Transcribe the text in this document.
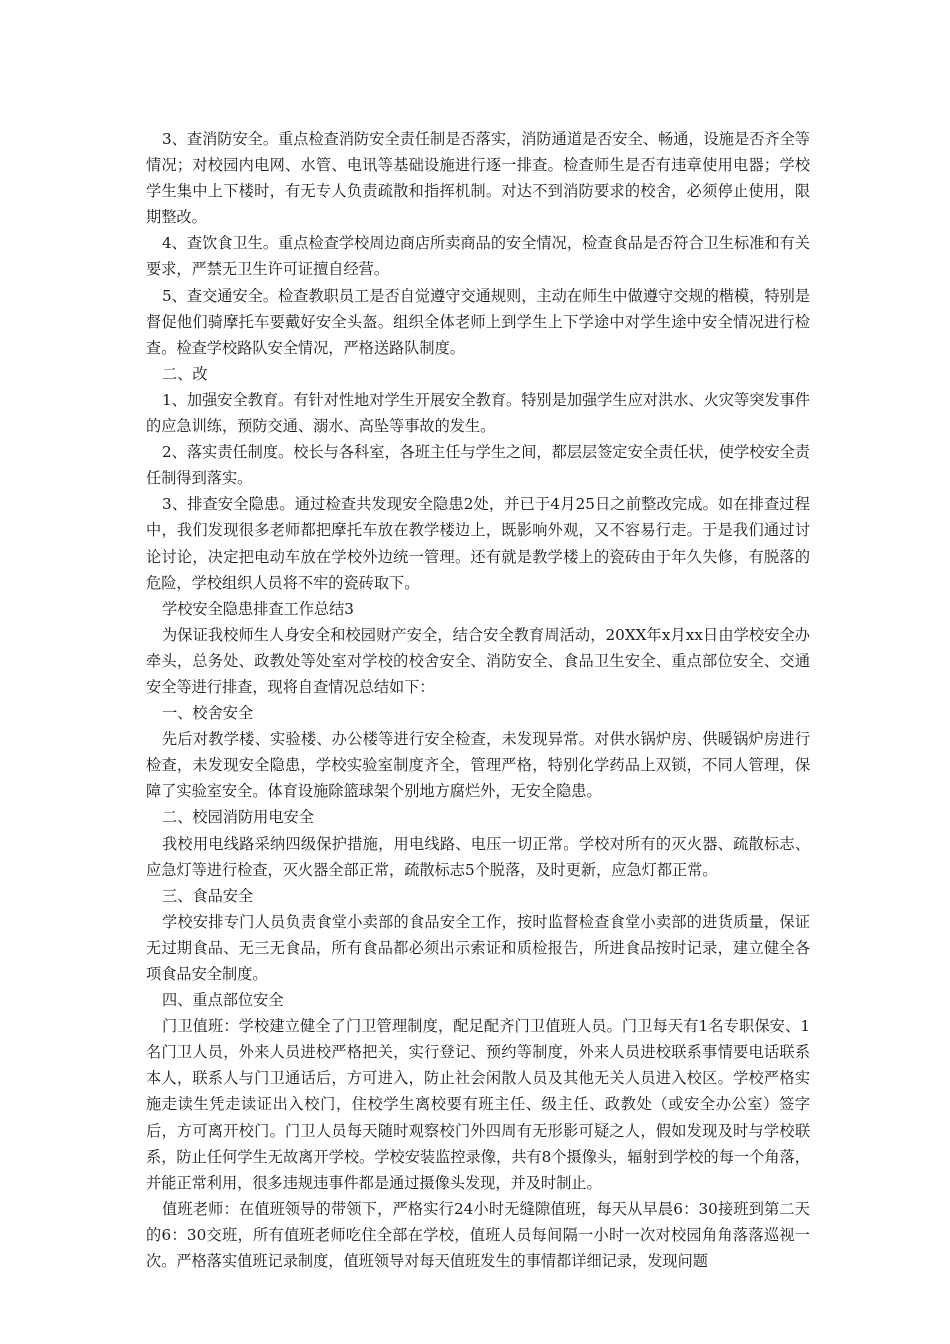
3、查消防安全。重点检查消防安全责任制是否落实，消防通道是否安全、畅通，设施是否齐全等情况；对校园内电网、水管、电讯等基础设施进行逐一排查。检查师生是否有违章使用电器；学校学生集中上下楼时，有无专人负责疏散和指挥机制。对达不到消防要求的校舍，必须停止使用，限期整改。

4、查饮食卫生。重点检查学校周边商店所卖商品的安全情况，检查食品是否符合卫生标准和有关要求，严禁无卫生许可证擅自经营。

5、查交通安全。检查教职员工是否自觉遵守交通规则，主动在师生中做遵守交规的楷模，特别是督促他们骑摩托车要戴好安全头盔。组织全体老师上到学生上下学途中对学生途中安全情况进行检查。检查学校路队安全情况，严格送路队制度。

二、改

1、加强安全教育。有针对性地对学生开展安全教育。特别是加强学生应对洪水、火灾等突发事件的应急训练，预防交通、溺水、高坠等事故的发生。

2、落实责任制度。校长与各科室，各班主任与学生之间，都层层签定安全责任状，使学校安全责任制得到落实。

3、排查安全隐患。通过检查共发现安全隐患2处，并已于4月25日之前整改完成。如在排查过程中，我们发现很多老师都把摩托车放在教学楼边上，既影响外观，又不容易行走。于是我们通过讨论讨论，决定把电动车放在学校外边统一管理。还有就是教学楼上的瓷砖由于年久失修，有脱落的危险，学校组织人员将不牢的瓷砖取下。

学校安全隐患排查工作总结3

为保证我校师生人身安全和校园财产安全，结合安全教育周活动，20XX年x月xx日由学校安全办牵头，总务处、政教处等处室对学校的校舍安全、消防安全、食品卫生安全、重点部位安全、交通安全等进行排查，现将自查情况总结如下：

一、校舍安全

先后对教学楼、实验楼、办公楼等进行安全检查，未发现异常。对供水锅炉房、供暖锅炉房进行检查，未发现安全隐患，学校实验室制度齐全，管理严格，特别化学药品上双锁，不同人管理，保障了实验室安全。体育设施除篮球架个别地方腐烂外，无安全隐患。

二、校园消防用电安全

我校用电线路采纳四级保护措施，用电线路、电压一切正常。学校对所有的灭火器、疏散标志、应急灯等进行检查，灭火器全部正常，疏散标志5个脱落，及时更新，应急灯都正常。

三、食品安全

学校安排专门人员负责食堂小卖部的食品安全工作，按时监督检查食堂小卖部的进货质量，保证无过期食品、无三无食品，所有食品都必须出示索证和质检报告，所进食品按时记录，建立健全各项食品安全制度。

四、重点部位安全

门卫值班：学校建立健全了门卫管理制度，配足配齐门卫值班人员。门卫每天有1名专职保安、1名门卫人员，外来人员进校严格把关，实行登记、预约等制度，外来人员进校联系事情要电话联系本人，联系人与门卫通话后，方可进入，防止社会闲散人员及其他无关人员进入校区。学校严格实施走读生凭走读证出入校门，住校学生离校要有班主任、级主任、政教处（或安全办公室）签字后，方可离开校门。门卫人员每天随时观察校门外四周有无形影可疑之人，假如发现及时与学校联系，防止任何学生无故离开学校。学校安装监控录像，共有8个摄像头，辐射到学校的每一个角落，并能正常利用，很多违规违事件都是通过摄像头发现，并及时制止。

值班老师：在值班领导的带领下，严格实行24小时无缝隙值班，每天从早晨6：30接班到第二天的6：30交班，所有值班老师吃住全部在学校，值班人员每间隔一小时一次对校园角角落落巡视一次。严格落实值班记录制度，值班领导对每天值班发生的事情都详细记录，发现问题
